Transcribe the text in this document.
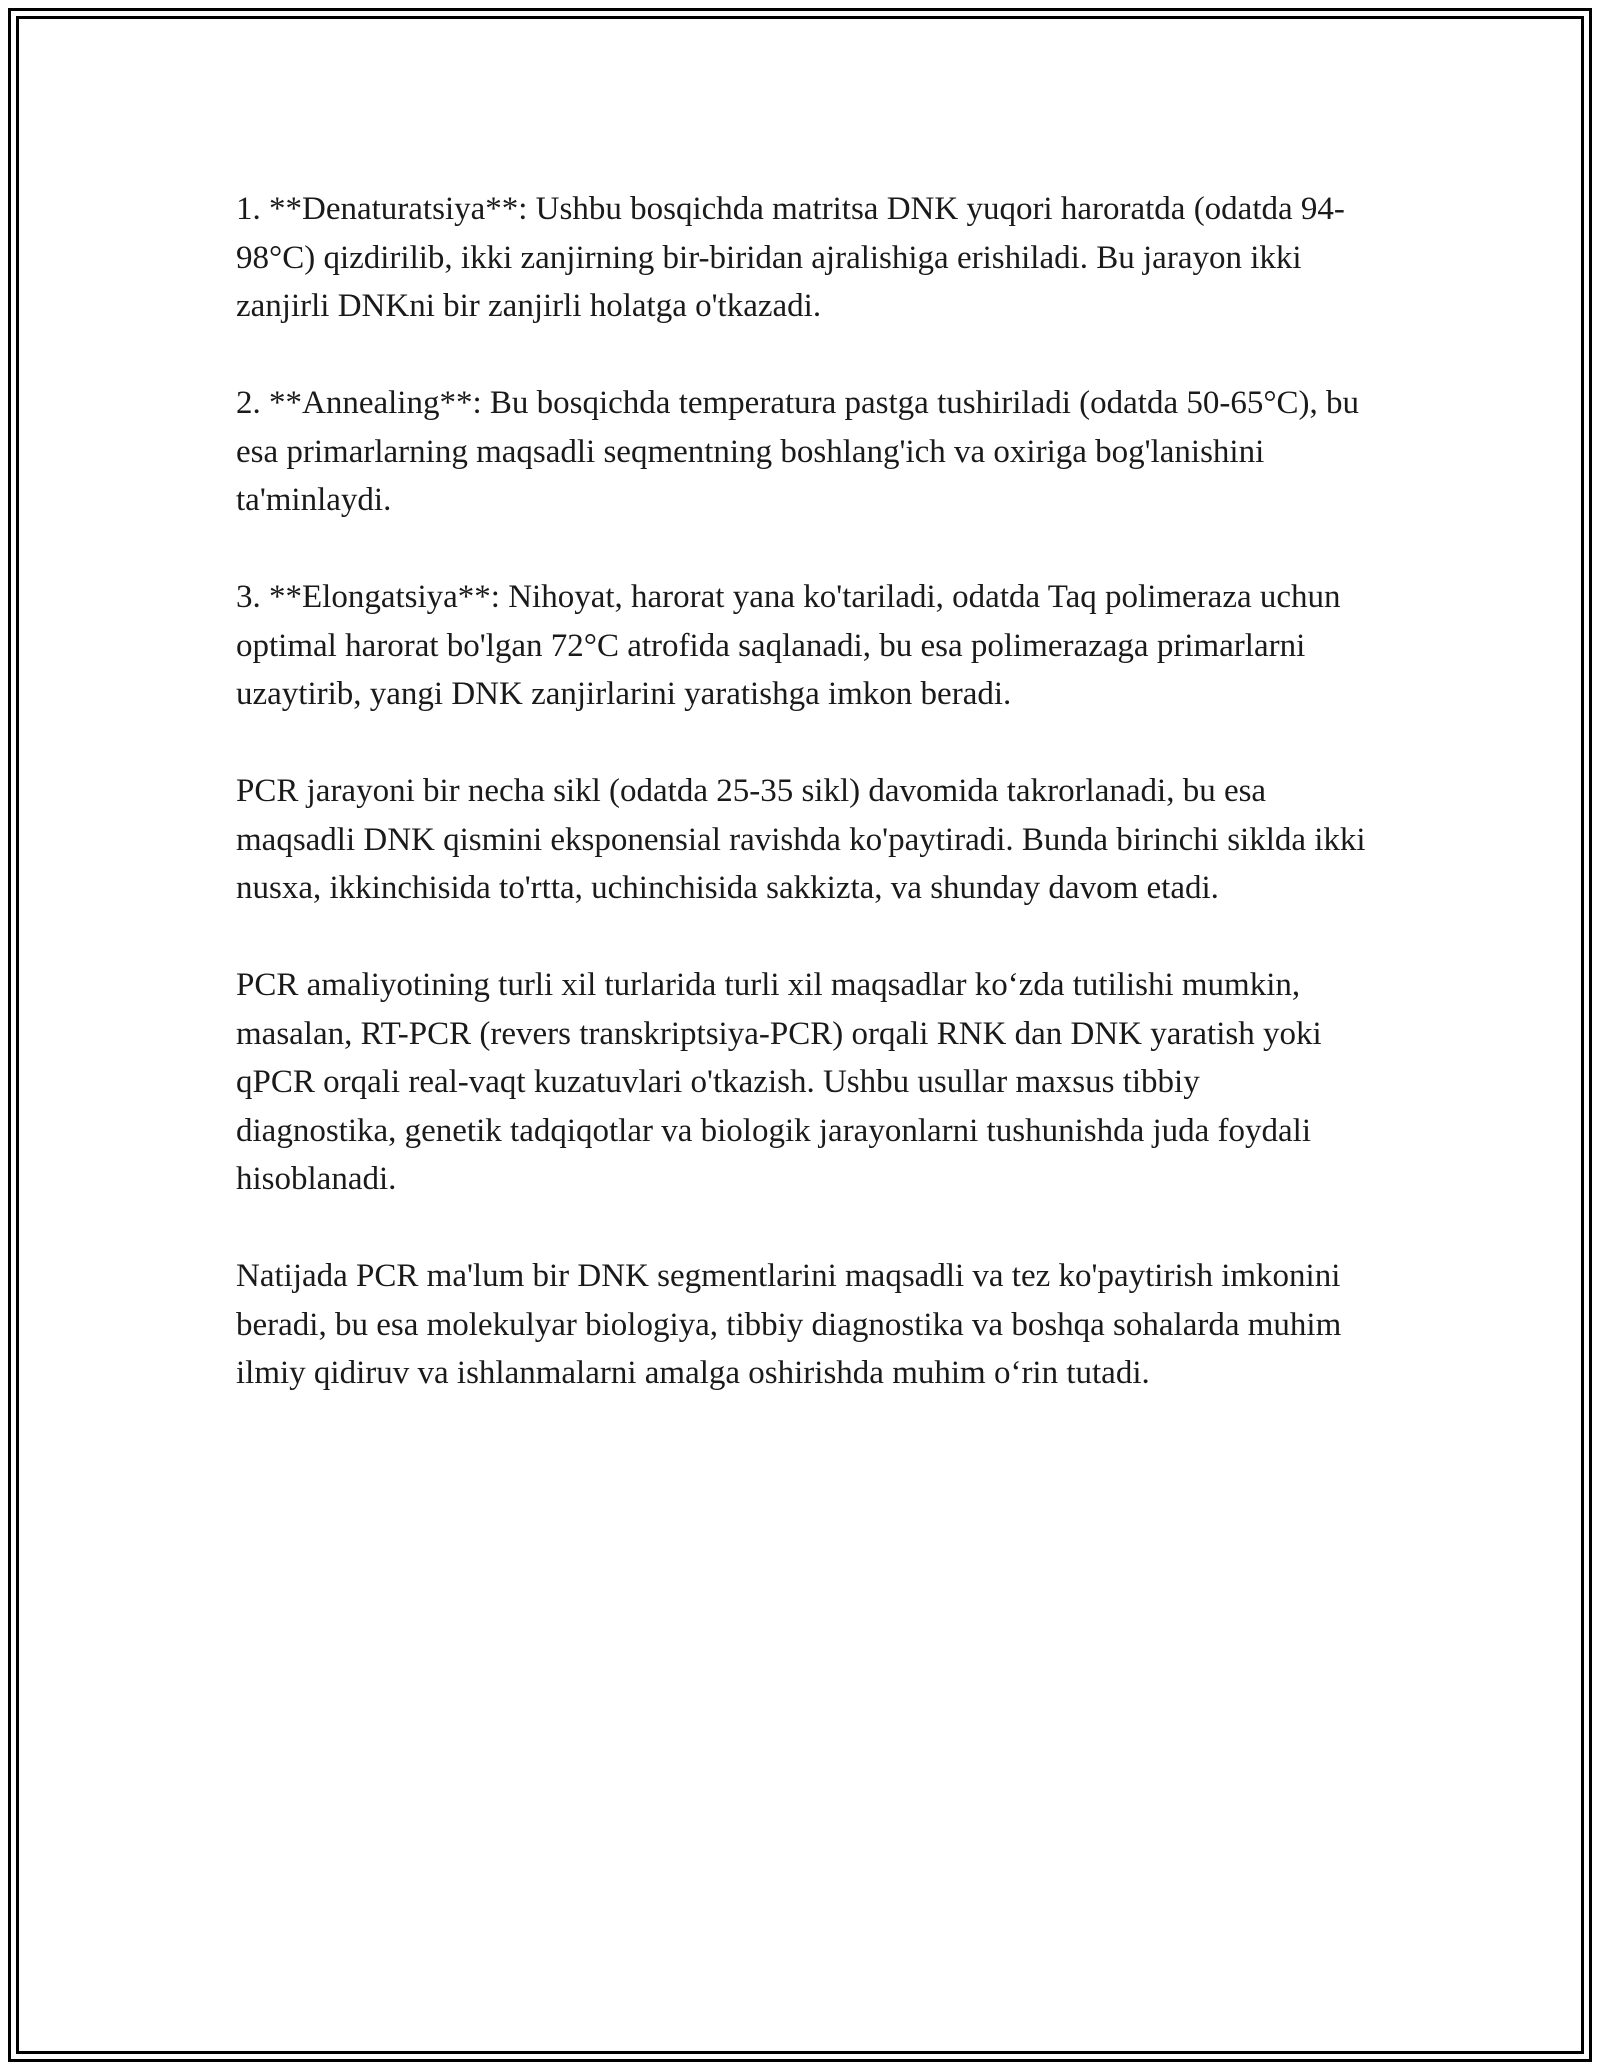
1. **Denaturatsiya**: Ushbu bosqichda matritsa DNK yuqori haroratda (odatda 94-98°C) qizdirilib, ikki zanjirning bir-biridan ajralishiga erishiladi. Bu jarayon ikki zanjirli DNKni bir zanjirli holatga o'tkazadi.

2. **Annealing**: Bu bosqichda temperatura pastga tushiriladi (odatda 50-65°C), bu esa primarlarning maqsadli seqmentning boshlang'ich va oxiriga bog'lanishini ta'minlaydi.

3. **Elongatsiya**: Nihoyat, harorat yana ko'tariladi, odatda Taq polimeraza uchun optimal harorat bo'lgan 72°C atrofida saqlanadi, bu esa polimerazaga primarlarni uzaytirib, yangi DNK zanjirlarini yaratishga imkon beradi.

PCR jarayoni bir necha sikl (odatda 25-35 sikl) davomida takrorlanadi, bu esa maqsadli DNK qismini eksponensial ravishda ko'paytiradi. Bunda birinchi siklda ikki nusxa, ikkinchisida to'rtta, uchinchisida sakkizta, va shunday davom etadi.

PCR amaliyotining turli xil turlarida turli xil maqsadlar ko‘zda tutilishi mumkin, masalan, RT-PCR (revers transkriptsiya-PCR) orqali RNK dan DNK yaratish yoki qPCR orqali real-vaqt kuzatuvlari o'tkazish. Ushbu usullar maxsus tibbiy diagnostika, genetik tadqiqotlar va biologik jarayonlarni tushunishda juda foydali hisoblanadi.

Natijada PCR ma'lum bir DNK segmentlarini maqsadli va tez ko'paytirish imkonini beradi, bu esa molekulyar biologiya, tibbiy diagnostika va boshqa sohalarda muhim ilmiy qidiruv va ishlanmalarni amalga oshirishda muhim o‘rin tutadi.
